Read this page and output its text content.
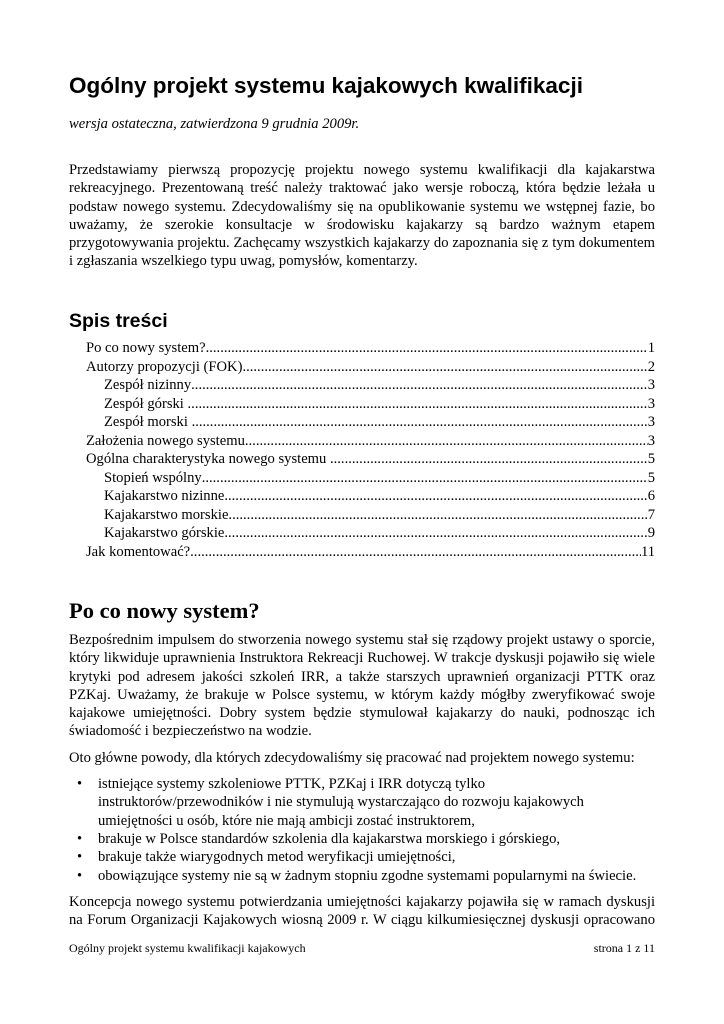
Ogólny projekt systemu kajakowych kwalifikacji
wersja ostateczna, zatwierdzona 9 grudnia 2009r.
Przedstawiamy pierwszą propozycję projektu nowego systemu kwalifikacji dla kajakarstwa
rekreacyjnego. Prezentowaną treść należy traktować jako wersje roboczą, która będzie leżała u
podstaw nowego systemu. Zdecydowaliśmy się na opublikowanie systemu we wstępnej fazie, bo
uważamy, że szerokie konsultacje w środowisku kajakarzy są bardzo ważnym etapem
przygotowywania projektu. Zachęcamy wszystkich kajakarzy do zapoznania się z tym dokumentem
i zgłaszania wszelkiego typu uwag, pomysłów, komentarzy.
Spis treści
Po co nowy system? .....	1
Autorzy propozycji (FOK) .....	2
Zespół nizinny .....	3
Zespół górski .....	3
Zespół morski .....	3
Założenia nowego systemu .....	3
Ogólna charakterystyka nowego systemu .....	5
Stopień wspólny .....	5
Kajakarstwo nizinne .....	6
Kajakarstwo morskie .....	7
Kajakarstwo górskie .....	9
Jak komentować? .....	11
Po co nowy system?
Bezpośrednim impulsem do stworzenia nowego systemu stał się rządowy projekt ustawy o sporcie,
który likwiduje uprawnienia Instruktora Rekreacji Ruchowej. W trakcje dyskusji pojawiło się wiele
krytyki pod adresem jakości szkoleń IRR, a także starszych uprawnień organizacji PTTK oraz
PZKaj. Uważamy, że brakuje w Polsce systemu, w którym każdy mógłby zweryfikować swoje
kajakowe umiejętności. Dobry system będzie stymulował kajakarzy do nauki, podnosząc ich
świadomość i bezpieczeństwo na wodzie.
Oto główne powody, dla których zdecydowaliśmy się pracować nad projektem nowego systemu:
• istniejące systemy szkoleniowe PTTK, PZKaj i IRR dotyczą tylko
instruktorów/przewodników i nie stymulują wystarczająco do rozwoju kajakowych
umiejętności u osób, które nie mają ambicji zostać instruktorem,
• brakuje w Polsce standardów szkolenia dla kajakarstwa morskiego i górskiego,
• brakuje także wiarygodnych metod weryfikacji umiejętności,
• obowiązujące systemy nie są w żadnym stopniu zgodne systemami popularnymi na świecie.
Koncepcja nowego systemu potwierdzania umiejętności kajakarzy pojawiła się w ramach dyskusji
na Forum Organizacji Kajakowych wiosną 2009 r. W ciągu kilkumiesięcznej dyskusji opracowano
Ogólny projekt systemu kwalifikacji kajakowych	strona 1 z 11
